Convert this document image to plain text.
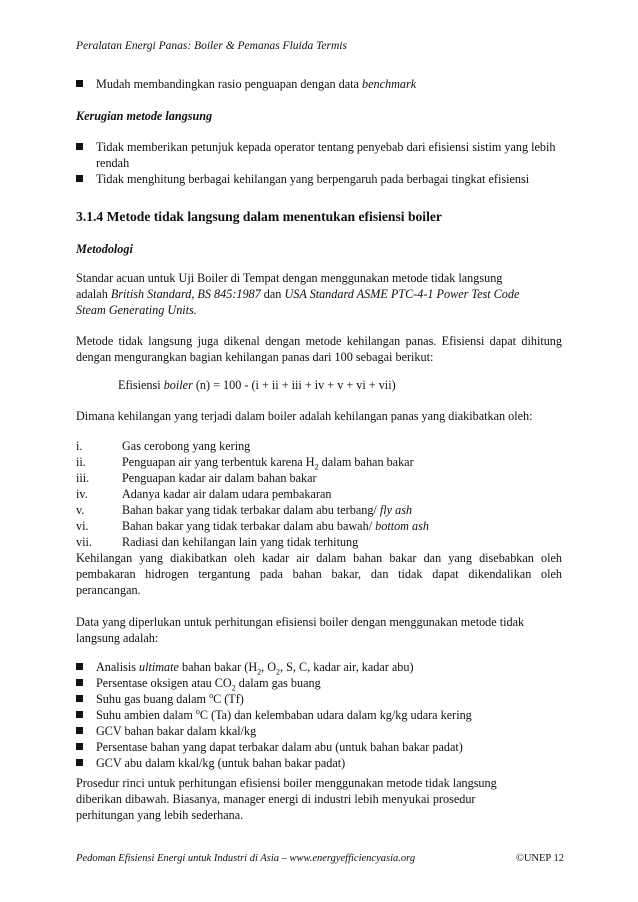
Peralatan Energi Panas: Boiler & Pemanas Fluida Termis
Mudah membandingkan rasio penguapan dengan data benchmark
Kerugian metode langsung
Tidak memberikan petunjuk kepada operator tentang penyebab dari efisiensi sistim yang lebih rendah
Tidak menghitung berbagai kehilangan yang berpengaruh pada berbagai tingkat efisiensi
3.1.4 Metode tidak langsung dalam menentukan efisiensi boiler
Metodologi
Standar acuan untuk Uji Boiler di Tempat dengan menggunakan metode tidak langsung
adalah British Standard, BS 845:1987 dan USA Standard ASME PTC-4-1 Power Test Code
Steam Generating Units.
Metode tidak langsung juga dikenal dengan metode kehilangan panas. Efisiensi dapat dihitung dengan mengurangkan bagian kehilangan panas dari 100 sebagai berikut:
Efisiensi boiler (n) = 100 - (i + ii + iii + iv + v + vi + vii)
Dimana kehilangan yang terjadi dalam boiler adalah kehilangan panas yang diakibatkan oleh:
i.	Gas cerobong yang kering
ii.	Penguapan air yang terbentuk karena $H_2$ dalam bahan bakar
iii.	Penguapan kadar air dalam bahan bakar
iv.	Adanya kadar air dalam udara pembakaran
v.	Bahan bakar yang tidak terbakar dalam abu terbang/ fly ash
vi.	Bahan bakar yang tidak terbakar dalam abu bawah/ bottom ash
vii. Radiasi dan kehilangan lain yang tidak terhitung
Kehilangan yang diakibatkan oleh kadar air dalam bahan bakar dan yang disebabkan oleh pembakaran hidrogen tergantung pada bahan bakar, dan tidak dapat dikendalikan oleh perancangan.
Data yang diperlukan untuk perhitungan efisiensi boiler dengan menggunakan metode tidak langsung adalah:
Analisis ultimate bahan bakar ($H_2$, $O_2$, S, C, kadar air, kadar abu)
Persentase oksigen atau $CO_2$ dalam gas buang
Suhu gas buang dalam $^o$C (Tf)
Suhu ambien dalam $^o$C (Ta) dan kelembaban udara dalam kg/kg udara kering
GCV bahan bakar dalam kkal/kg
Persentase bahan yang dapat terbakar dalam abu (untuk bahan bakar padat)
GCV abu dalam kkal/kg (untuk bahan bakar padat)
Prosedur rinci untuk perhitungan efisiensi boiler menggunakan metode tidak langsung
diberikan dibawah. Biasanya, manager energi di industri lebih menyukai prosedur
perhitungan yang lebih sederhana.
Pedoman Efisiensi Energi untuk Industri di Asia – www.energyefficiencyasia.org	©UNEP 12
